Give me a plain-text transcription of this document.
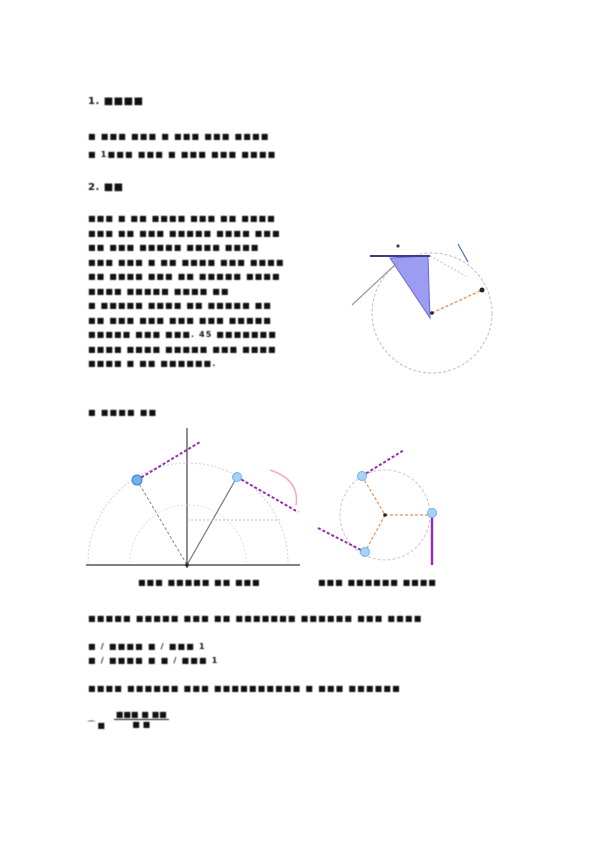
1. ■■■■
■ ■■■ ■■■ ■ ■■■ ■■■ ■■■■
■ 1■■■ ■■■ ■ ■■■ ■■■ ■■■■
2. ■■
■■■ ■ ■■ ■■■■ ■■■ ■■ ■■■■
■■■ ■■ ■■■ ■■■■■ ■■■■ ■■■
■■ ■■■ ■■■■■ ■■■■ ■■■■
■■■ ■■■ ■ ■■ ■■■■ ■■■ ■■■■
■■ ■■■■ ■■■ ■■ ■■■■■ ■■■■
■■■■ ■■■■■ ■■■■ ■■
■ ■■■■■ ■■■■ ■■ ■■■■■ ■■
■■ ■■■ ■■■ ■■■ ■■■ ■■■■■
■■■■■ ■■■ ■■■. 45 ■■■■■■■
■■■■ ■■■■ ■■■■■ ■■■ ■■■■
■■■■ ■ ■■ ■■■■■■.
■ ■■■■ ■■
■■■ ■■■■■ ■■ ■■■	■■■ ■■■■■■ ■■■■
■■■■■ ■■■■■ ■■■ ■■ ■■■■■■■ ■■■■■■ ■■■ ■■■■
■ / ■■■■ ■ / ■■■ 1
■ / ■■■■ ■ ■ / ■■■ 1
■■■■ ■■■■■■ ■■■ ■■■■■■■■■■ ■ ■■■ ■■■■■■
⁀ ■
■■■ ■ ■■
■ ■
